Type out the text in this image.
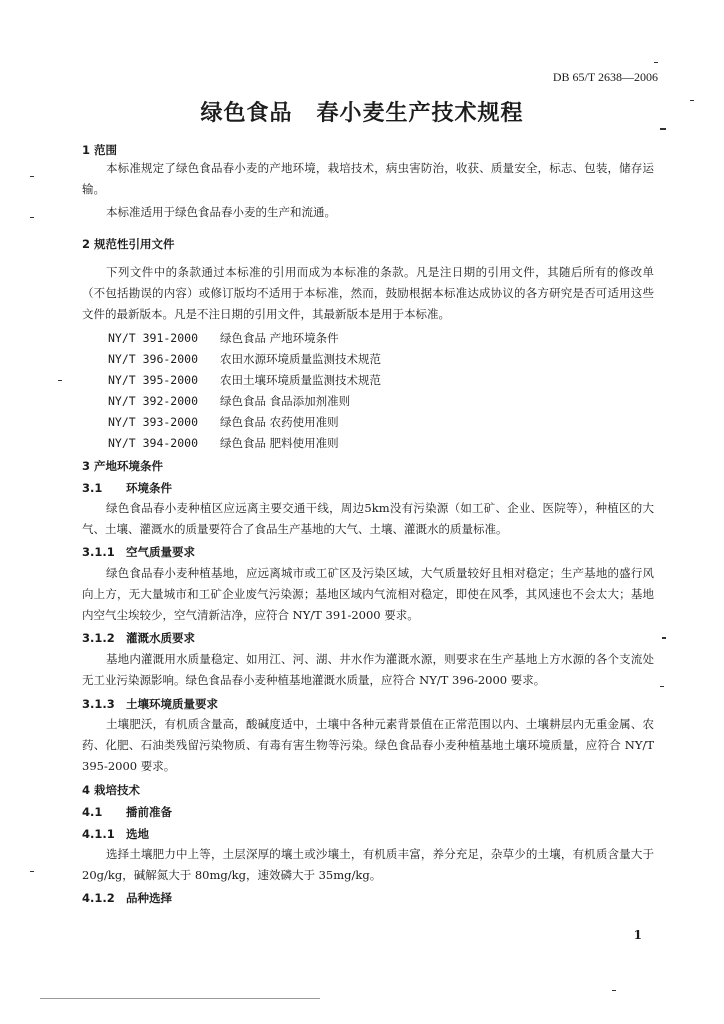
DB 65/T 2638—2006
绿色食品 春小麦生产技术规程
1 范围
本标准规定了绿色食品春小麦的产地环境，栽培技术，病虫害防治，收获、质量安全，标志、包装，储存运输。
本标准适用于绿色食品春小麦的生产和流通。
2 规范性引用文件
下列文件中的条款通过本标准的引用而成为本标准的条款。凡是注日期的引用文件，其随后所有的修改单（不包括勘误的内容）或修订版均不适用于本标准，然而，鼓励根据本标准达成协议的各方研究是否可适用这些文件的最新版本。凡是不注日期的引用文件，其最新版本是用于本标准。
NY/T 391-2000 绿色食品 产地环境条件
NY/T 396-2000 农田水源环境质量监测技术规范
NY/T 395-2000 农田土壤环境质量监测技术规范
NY/T 392-2000 绿色食品 食品添加剂准则
NY/T 393-2000 绿色食品 农药使用准则
NY/T 394-2000 绿色食品 肥料使用准则
3 产地环境条件
3.1 环境条件
绿色食品春小麦种植区应远离主要交通干线，周边5km没有污染源（如工矿、企业、医院等），种植区的大气、土壤、灌溉水的质量要符合了食品生产基地的大气、土壤、灌溉水的质量标准。
3.1.1 空气质量要求
绿色食品春小麦种植基地，应远离城市或工矿区及污染区域，大气质量较好且相对稳定；生产基地的盛行风向上方，无大量城市和工矿企业废气污染源；基地区域内气流相对稳定，即使在风季，其风速也不会太大；基地内空气尘埃较少，空气清新洁净，应符合 NY/T 391-2000 要求。
3.1.2 灌溉水质要求
基地内灌溉用水质量稳定、如用江、河、湖、井水作为灌溉水源，则要求在生产基地上方水源的各个支流处无工业污染源影响。绿色食品春小麦种植基地灌溉水质量，应符合 NY/T 396-2000 要求。
3.1.3 土壤环境质量要求
土壤肥沃，有机质含量高，酸碱度适中，土壤中各种元素背景值在正常范围以内、土壤耕层内无重金属、农药、化肥、石油类残留污染物质、有毒有害生物等污染。绿色食品春小麦种植基地土壤环境质量，应符合 NY/T 395-2000 要求。
4 栽培技术
4.1 播前准备
4.1.1 选地
选择土壤肥力中上等，土层深厚的壤土或沙壤土，有机质丰富，养分充足，杂草少的土壤，有机质含量大于 20g/kg，碱解氮大于 80mg/kg，速效磷大于 35mg/kg。
4.1.2 品种选择
1
